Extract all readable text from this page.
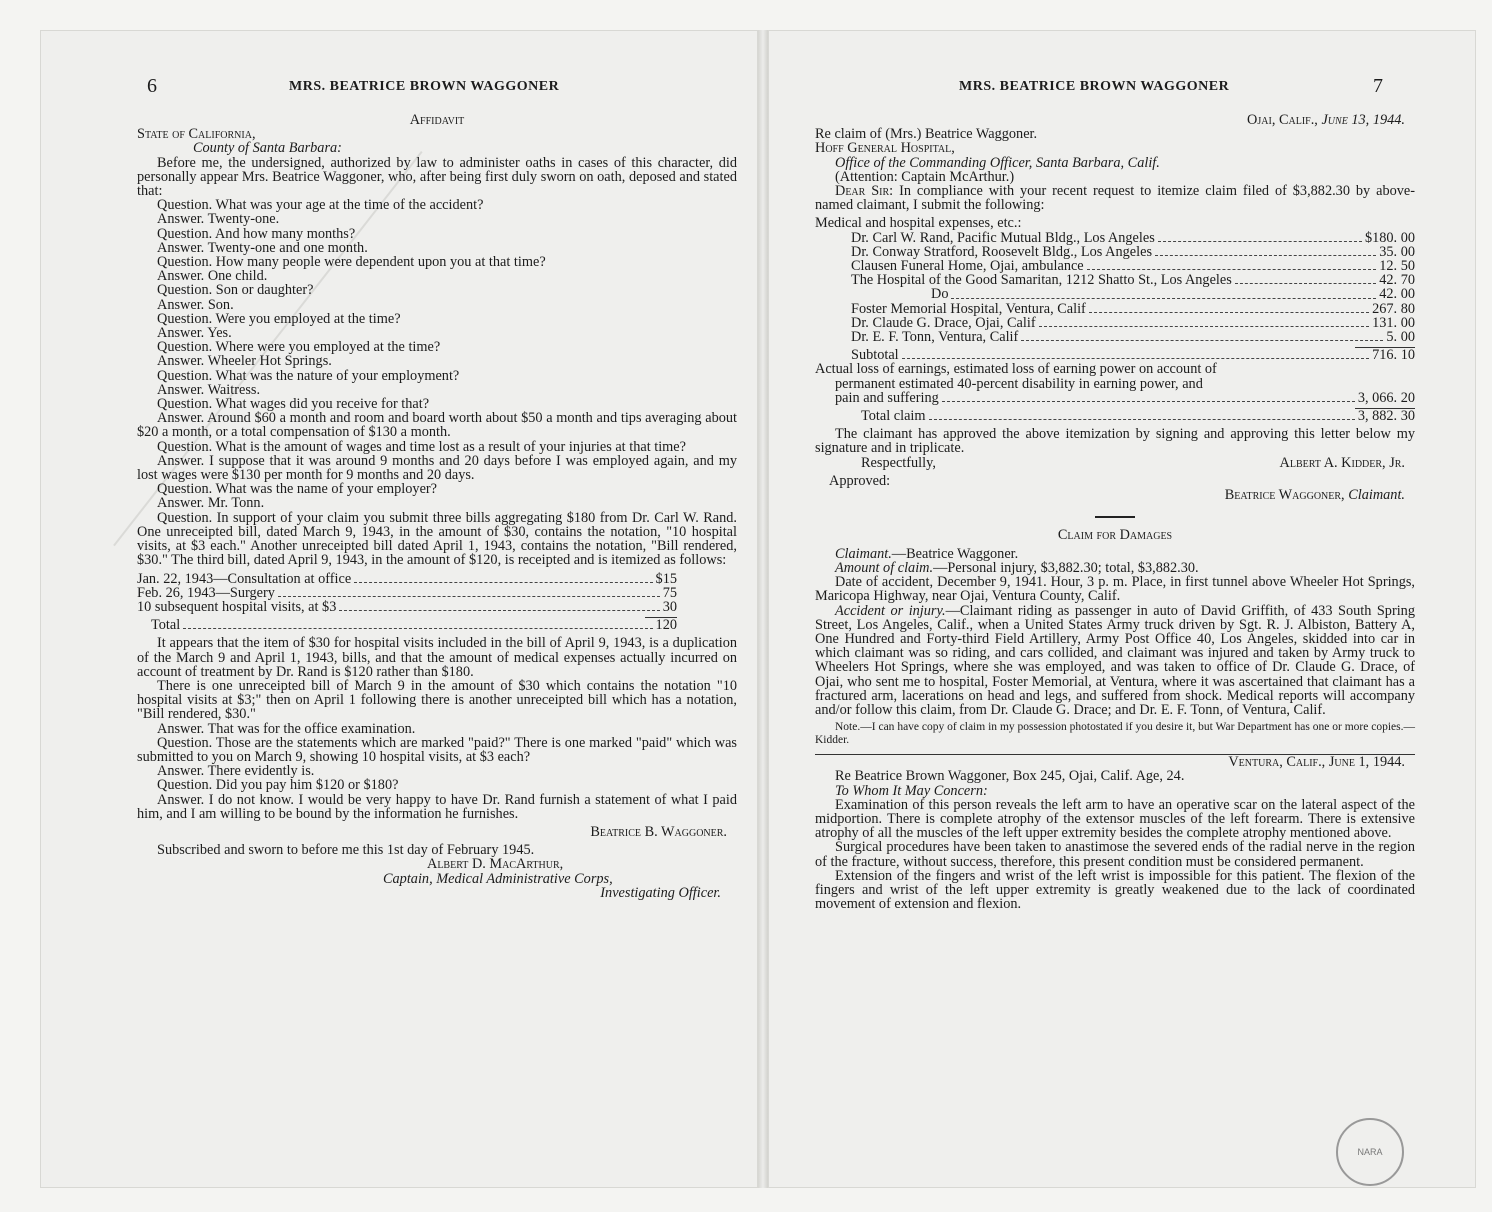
6	MRS. BEATRICE BROWN WAGGONER

Affidavit

State of California,

County of Santa Barbara:

Before me, the undersigned, authorized by law to administer oaths in cases of this character, did personally appear Mrs. Beatrice Waggoner, who, after being first duly sworn on oath, deposed and stated that:

Question. What was your age at the time of the accident?

Answer. Twenty-one.

Question. And how many months?

Answer. Twenty-one and one month.

Question. How many people were dependent upon you at that time?

Answer. One child.

Question. Son or daughter?

Answer. Son.

Question. Were you employed at the time?

Answer. Yes.

Question. Where were you employed at the time?

Answer. Wheeler Hot Springs.

Question. What was the nature of your employment?

Answer. Waitress.

Question. What wages did you receive for that?

Answer. Around $60 a month and room and board worth about $50 a month and tips averaging about $20 a month, or a total compensation of $130 a month.

Question. What is the amount of wages and time lost as a result of your injuries at that time?

Answer. I suppose that it was around 9 months and 20 days before I was employed again, and my lost wages were $130 per month for 9 months and 20 days.

Question. What was the name of your employer?

Answer. Mr. Tonn.

Question. In support of your claim you submit three bills aggregating $180 from Dr. Carl W. Rand. One unreceipted bill, dated March 9, 1943, in the amount of $30, contains the notation, "10 hospital visits, at $3 each." Another unreceipted bill dated April 1, 1943, contains the notation, "Bill rendered, $30." The third bill, dated April 9, 1943, in the amount of $120, is receipted and is itemized as follows:

Jan. 22, 1943—Consultation at office	$15
Feb. 26, 1943—Surgery	75
10 subsequent hospital visits, at $3	30
Total	120

It appears that the item of $30 for hospital visits included in the bill of April 9, 1943, is a duplication of the March 9 and April 1, 1943, bills, and that the amount of medical expenses actually incurred on account of treatment by Dr. Rand is $120 rather than $180.

There is one unreceipted bill of March 9 in the amount of $30 which contains the notation "10 hospital visits at $3;" then on April 1 following there is another unreceipted bill which has a notation, "Bill rendered, $30."

Answer. That was for the office examination.

Question. Those are the statements which are marked "paid?" There is one marked "paid" which was submitted to you on March 9, showing 10 hospital visits, at $3 each?

Answer. There evidently is.

Question. Did you pay him $120 or $180?

Answer. I do not know. I would be very happy to have Dr. Rand furnish a statement of what I paid him, and I am willing to be bound by the information he furnishes.

Beatrice B. Waggoner.

Subscribed and sworn to before me this 1st day of February 1945.

Albert D. MacArthur,

Captain, Medical Administrative Corps,

Investigating Officer.

MRS. BEATRICE BROWN WAGGONER	7

Ojai, Calif., June 13, 1944.

Re claim of (Mrs.) Beatrice Waggoner.

Hoff General Hospital,

Office of the Commanding Officer, Santa Barbara, Calif.

(Attention: Captain McArthur.)

Dear Sir: In compliance with your recent request to itemize claim filed of $3,882.30 by above-named claimant, I submit the following:

Medical and hospital expenses, etc.:

Dr. Carl W. Rand, Pacific Mutual Bldg., Los Angeles	$180. 00
Dr. Conway Stratford, Roosevelt Bldg., Los Angeles	35. 00
Clausen Funeral Home, Ojai, ambulance	12. 50
The Hospital of the Good Samaritan, 1212 Shatto St., Los Angeles	42. 70
Do	42. 00
Foster Memorial Hospital, Ventura, Calif	267. 80
Dr. Claude G. Drace, Ojai, Calif	131. 00
Dr. E. F. Tonn, Ventura, Calif	5. 00
Subtotal	716. 10

Actual loss of earnings, estimated loss of earning power on account of

permanent estimated 40-percent disability in earning power, and

pain and suffering	3, 066. 20
Total claim	3, 882. 30

The claimant has approved the above itemization by signing and approving this letter below my signature and in triplicate.

Respectfully,	Albert A. Kidder, Jr.

Approved:

Beatrice Waggoner, Claimant.

Claim for Damages

Claimant.—Beatrice Waggoner.

Amount of claim.—Personal injury, $3,882.30; total, $3,882.30.

Date of accident, December 9, 1941. Hour, 3 p. m. Place, in first tunnel above Wheeler Hot Springs, Maricopa Highway, near Ojai, Ventura County, Calif.

Accident or injury.—Claimant riding as passenger in auto of David Griffith, of 433 South Spring Street, Los Angeles, Calif., when a United States Army truck driven by Sgt. R. J. Albiston, Battery A, One Hundred and Forty-third Field Artillery, Army Post Office 40, Los Angeles, skidded into car in which claimant was so riding, and cars collided, and claimant was injured and taken by Army truck to Wheelers Hot Springs, where she was employed, and was taken to office of Dr. Claude G. Drace, of Ojai, who sent me to hospital, Foster Memorial, at Ventura, where it was ascertained that claimant has a fractured arm, lacerations on head and legs, and suffered from shock. Medical reports will accompany and/or follow this claim, from Dr. Claude G. Drace; and Dr. E. F. Tonn, of Ventura, Calif.

Note.—I can have copy of claim in my possession photostated if you desire it, but War Department has one or more copies.—Kidder.

Ventura, Calif., June 1, 1944.

Re Beatrice Brown Waggoner, Box 245, Ojai, Calif. Age, 24.

To Whom It May Concern:

Examination of this person reveals the left arm to have an operative scar on the lateral aspect of the midportion. There is complete atrophy of the extensor muscles of the left forearm. There is extensive atrophy of all the muscles of the left upper extremity besides the complete atrophy mentioned above.

Surgical procedures have been taken to anastimose the severed ends of the radial nerve in the region of the fracture, without success, therefore, this present condition must be considered permanent.

Extension of the fingers and wrist of the left wrist is impossible for this patient. The flexion of the fingers and wrist of the left upper extremity is greatly weakened due to the lack of coordinated movement of extension and flexion.

NARA
